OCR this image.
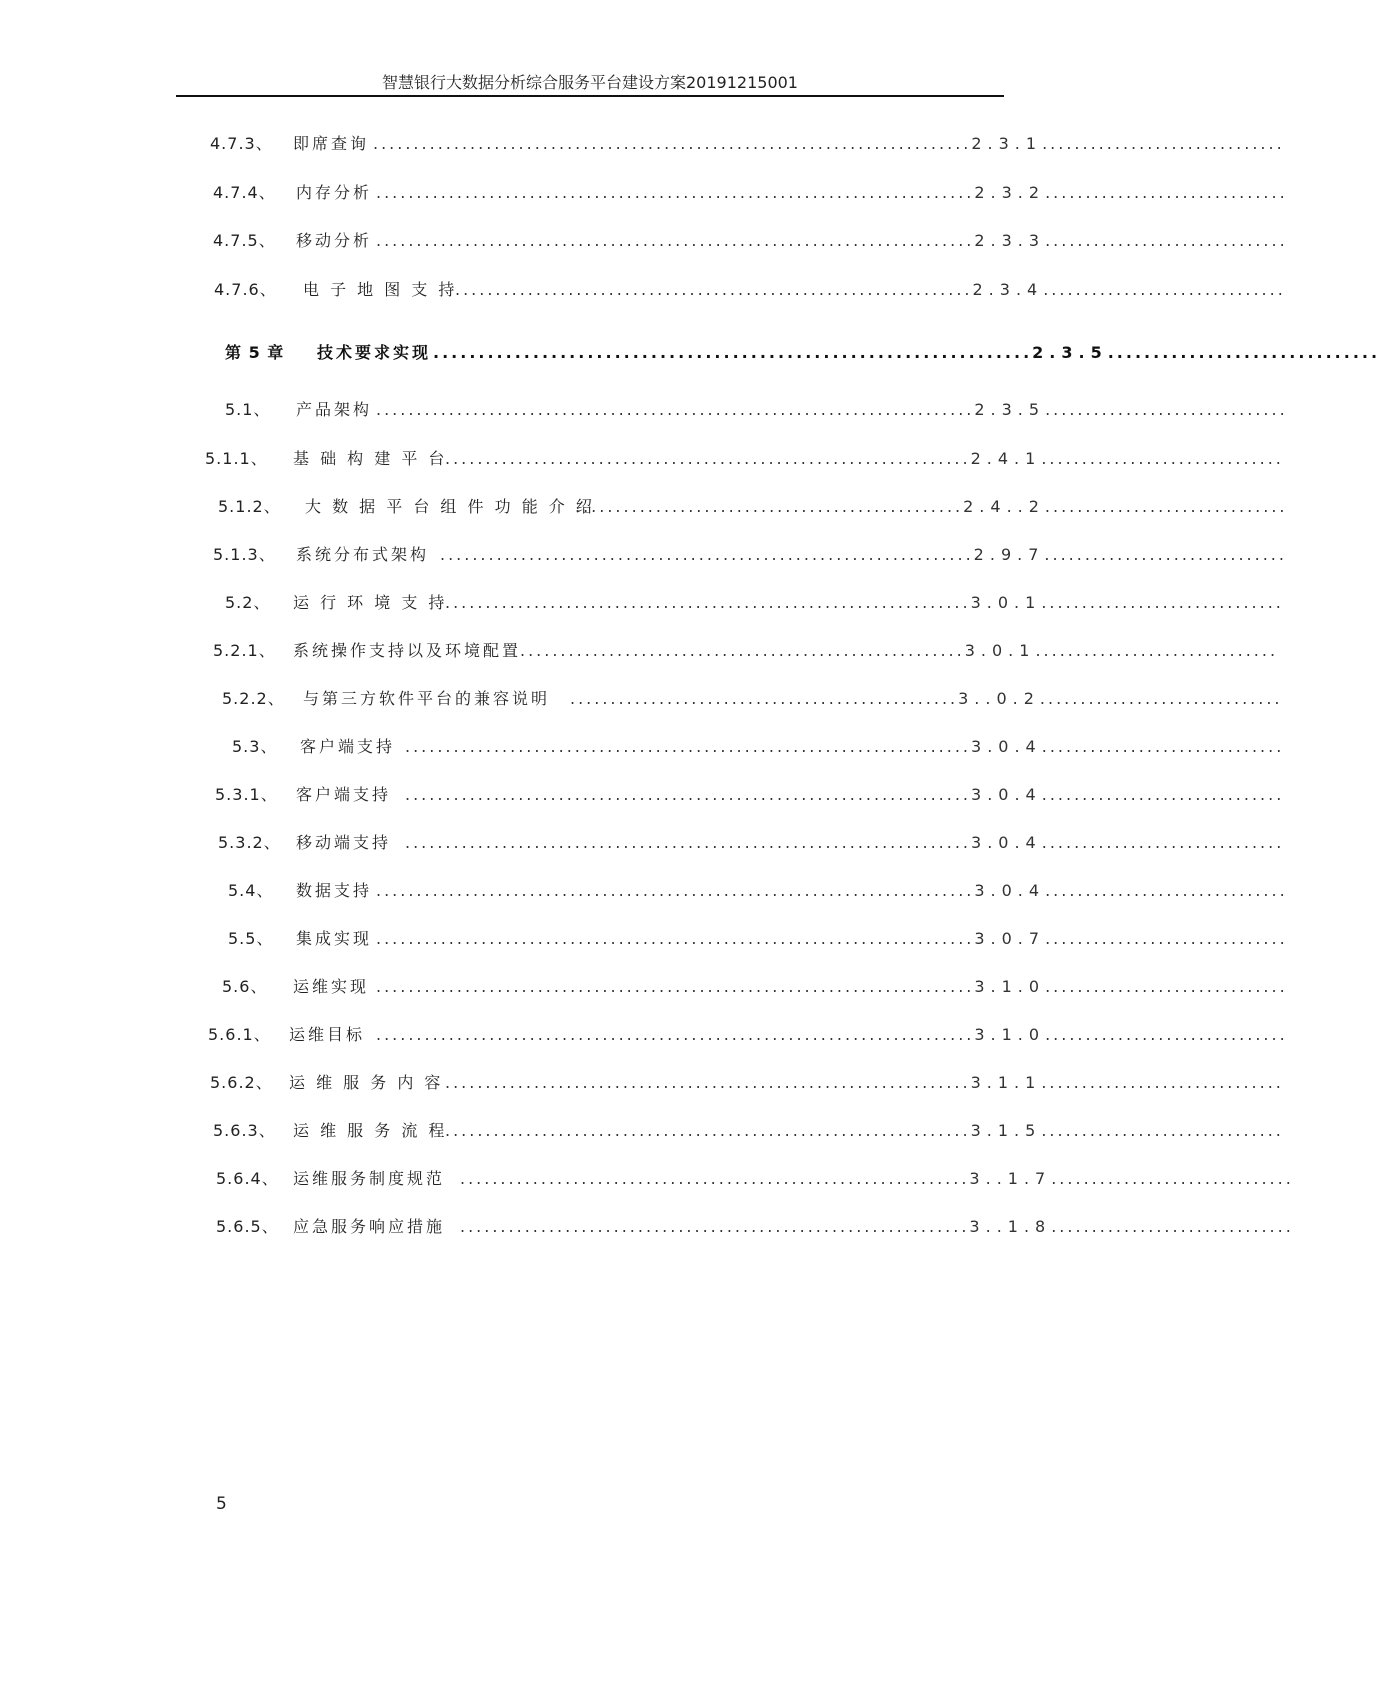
智慧银行大数据分析综合服务平台建设方案20191215001
4.7.3、 即席查询 ..........................................................................2.3.1..............................
4.7.4、 内存分析 ..........................................................................2.3.2..............................
4.7.5、 移动分析 ..........................................................................2.3.3..............................
4.7.6、 电 子 地 图 支 持
................................................................2.3.4..............................
第 5 章 技术要求实现 ..................................................................2.3.5..............................
5.1、 产品架构 ..........................................................................2.3.5..............................
5.1.1、 基 础 构 建 平 台
.................................................................2.4.1..............................
5.1.2、 大 数 据 平 台 组 件 功 能 介 绍
................................................2.4..2..............................
5.1.3、 系统分布式架构 ..................................................................2.9.7..............................
5.2、 运 行 环 境 支 持
.................................................................3.0.1..............................
5.2.1、 系统操作支持以及环境配置
.......................................................3.0.1..............................
5.2.2、 与第三方软件平台的兼容说明 ................................................3..0.2..............................
5.3、 客户端支持 ......................................................................3.0.4..............................
5.3.1、 客户端支持 ......................................................................3.0.4..............................
5.3.2、 移动端支持 ......................................................................3.0.4..............................
5.4、 数据支持 ..........................................................................3.0.4..............................
5.5、 集成实现 ..........................................................................3.0.7..............................
5.6、 运维实现 ..........................................................................3.1.0..............................
5.6.1、 运维目标 ..........................................................................3.1.0..............................
5.6.2、 运 维 服 务 内 容 .................................................................3.1.1..............................
5.6.3、 运 维 服 务 流 程
.................................................................3.1.5..............................
5.6.4、 运维服务制度规范 ...............................................................3..1.7..............................
5.6.5、 应急服务响应措施 ...............................................................3..1.8..............................
5
